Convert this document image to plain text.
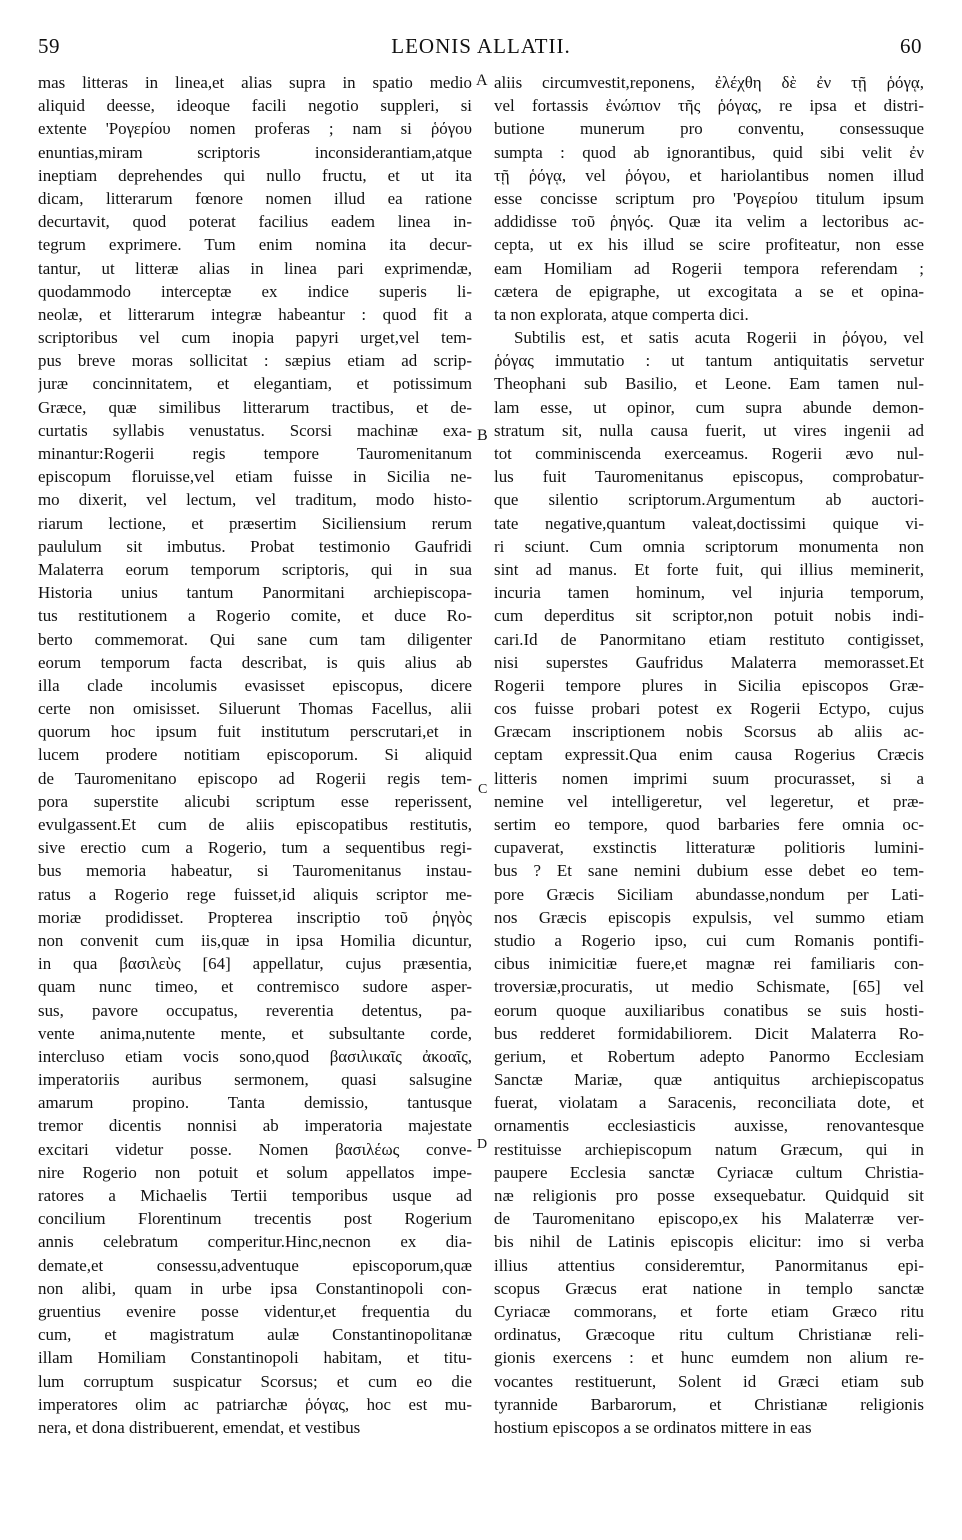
59	LEONIS ALLATII.	60
A
B
C
D
mas litteras in linea,et alias supra in spatio medio
aliquid deesse, ideoque facili negotio suppleri, si
extente 'Ρογερίου nomen proferas ; nam si ῥόγου
enuntias,miram scriptoris inconsiderantiam,atque
ineptiam deprehendes qui nullo fructu, et ut ita
dicam, litterarum fœnore nomen illud ea ratione
decurtavit, quod poterat facilius eadem linea in-
tegrum exprimere. Tum enim nomina ita decur-
tantur, ut litteræ alias in linea pari exprimendæ,
quodammodo interceptæ ex indice superis li-
neolæ, et litterarum integræ habeantur : quod fit a
scriptoribus vel cum inopia papyri urget,vel tem-
pus breve moras sollicitat : sæpius etiam ad scrip-
juræ concinnitatem, et elegantiam, et potissimum
Græce, quæ similibus litterarum tractibus, et de-
curtatis syllabis venustatus. Scorsi machinæ exa-
minantur:Rogerii regis tempore Tauromenitanum
episcopum floruisse,vel etiam fuisse in Sicilia ne-
mo dixerit, vel lectum, vel traditum, modo histo-
riarum lectione, et præsertim Siciliensium rerum
paululum sit imbutus. Probat testimonio Gaufridi
Malaterra eorum temporum scriptoris, qui in sua
Historia unius tantum Panormitani archiepiscopa-
tus restitutionem a Rogerio comite, et duce Ro-
berto commemorat. Qui sane cum tam diligenter
eorum temporum facta describat, is quis alius ab
illa clade incolumis evasisset episcopus, dicere
certe non omisisset. Siluerunt Thomas Facellus, alii
quorum hoc ipsum fuit institutum perscrutari,et in
lucem prodere notitiam episcoporum. Si aliquid
de Tauromenitano episcopo ad Rogerii regis tem-
pora superstite alicubi scriptum esse reperissent,
evulgassent.Et cum de aliis episcopatibus restitutis,
sive erectio cum a Rogerio, tum a sequentibus regi-
bus memoria habeatur, si Tauromenitanus instau-
ratus a Rogerio rege fuisset,id aliquis scriptor me-
moriæ prodidisset. Propterea inscriptio τοῦ ῥηγὸς
non convenit cum iis,quæ in ipsa Homilia dicuntur,
in qua βασιλεὺς [64] appellatur, cujus præsentia,
quam nunc timeo, et contremisco sudore asper-
sus, pavore occupatus, reverentia detentus, pa-
vente anima,nutente mente, et subsultante corde,
intercluso etiam vocis sono,quod βασιλικαῖς ἀκοαῖς,
imperatoriis auribus sermonem, quasi salsugine
amarum propino. Tanta demissio, tantusque
tremor dicentis nonnisi ab imperatoria majestate
excitari videtur posse. Nomen βασιλέως conve-
nire Rogerio non potuit et solum appellatos impe-
ratores a Michaelis Tertii temporibus usque ad
concilium Florentinum trecentis post Rogerium
annis celebratum comperitur.Hinc,necnon ex dia-
demate,et consessu,adventuque episcoporum,quæ
non alibi, quam in urbe ipsa Constantinopoli con-
gruentius evenire posse videntur,et frequentia du
cum, et magistratum aulæ Constantinopolitanæ
illam Homiliam Constantinopoli habitam, et titu-
lum corruptum suspicatur Scorsus; et cum eo die
imperatores olim ac patriarchæ ῥόγας, hoc est mu-
nera, et dona distribuerent, emendat, et vestibus
aliis circumvestit,reponens, ἐλέχθη δὲ ἐν τῇ ῥόγᾳ,
vel fortassis ἐνώπιον τῆς ῥόγας, re ipsa et distri-
butione munerum pro conventu, consessuque
sumpta : quod ab ignorantibus, quid sibi velit ἐν
τῇ ῥόγᾳ, vel ῥόγου, et hariolantibus nomen illud
esse concisse scriptum pro 'Ρογερίου titulum ipsum
addidisse τοῦ ῥηγός. Quæ ita velim a lectoribus ac-
cepta, ut ex his illud se scire profiteatur, non esse
eam Homiliam ad Rogerii tempora referendam ;
cætera de epigraphe, ut excogitata a se et opina-
ta non explorata, atque comperta dici.
Subtilis est, et satis acuta Rogerii in ῥόγου, vel
ῥόγας immutatio : ut tantum antiquitatis servetur
Theophani sub Basilio, et Leone. Eam tamen nul-
lam esse, ut opinor, cum supra abunde demon-
stratum sit, nulla causa fuerit, ut vires ingenii ad
tot comminiscenda exerceamus. Rogerii ævo nul-
lus fuit Tauromenitanus episcopus, comprobatur-
que silentio scriptorum.Argumentum ab auctori-
tate negative,quantum valeat,doctissimi quique vi-
ri sciunt. Cum omnia scriptorum monumenta non
sint ad manus. Et forte fuit, qui illius meminerit,
incuria tamen hominum, vel injuria temporum,
cum deperditus sit scriptor,non potuit nobis indi-
cari.Id de Panormitano etiam restituto contigisset,
nisi superstes Gaufridus Malaterra memorasset.Et
Rogerii tempore plures in Sicilia episcopos Græ-
cos fuisse probari potest ex Rogerii Ectypo, cujus
Græcam inscriptionem nobis Scorsus ab aliis ac-
ceptam expressit.Qua enim causa Rogerius Cræcis
litteris nomen imprimi suum procurasset, si a
nemine vel intelligeretur, vel legeretur, et præ-
sertim eo tempore, quod barbaries fere omnia oc-
cupaverat, exstinctis litteraturæ politioris lumini-
bus ? Et sane nemini dubium esse debet eo tem-
pore Græcis Siciliam abundasse,nondum per Lati-
nos Græcis episcopis expulsis, vel summo etiam
studio a Rogerio ipso, cui cum Romanis pontifi-
cibus inimicitiæ fuere,et magnæ rei familiaris con-
troversiæ,procuratis, ut medio Schismate, [65] vel
eorum quoque auxiliaribus conatibus se suis hosti-
bus redderet formidabiliorem. Dicit Malaterra Ro-
gerium, et Robertum adepto Panormo Ecclesiam
Sanctæ Mariæ, quæ antiquitus archiepiscopatus
fuerat, violatam a Saracenis, reconciliata dote, et
ornamentis ecclesiasticis auxisse, renovantesque
restituisse archiepiscopum natum Græcum, qui in
paupere Ecclesia sanctæ Cyriacæ cultum Christia-
næ religionis pro posse exsequebatur. Quidquid sit
de Tauromenitano episcopo,ex his Malaterræ ver-
bis nihil de Latinis episcopis elicitur: imo si verba
illius attentius consideremtur, Panormitanus epi-
scopus Græcus erat natione in templo sanctæ
Cyriacæ commorans, et forte etiam Græco ritu
ordinatus, Græcoque ritu cultum Christianæ reli-
gionis exercens : et hunc eumdem non alium re-
vocantes restituerunt, Solent id Græci etiam sub
tyrannide Barbarorum, et Christianæ religionis
hostium episcopos a se ordinatos mittere in eas
